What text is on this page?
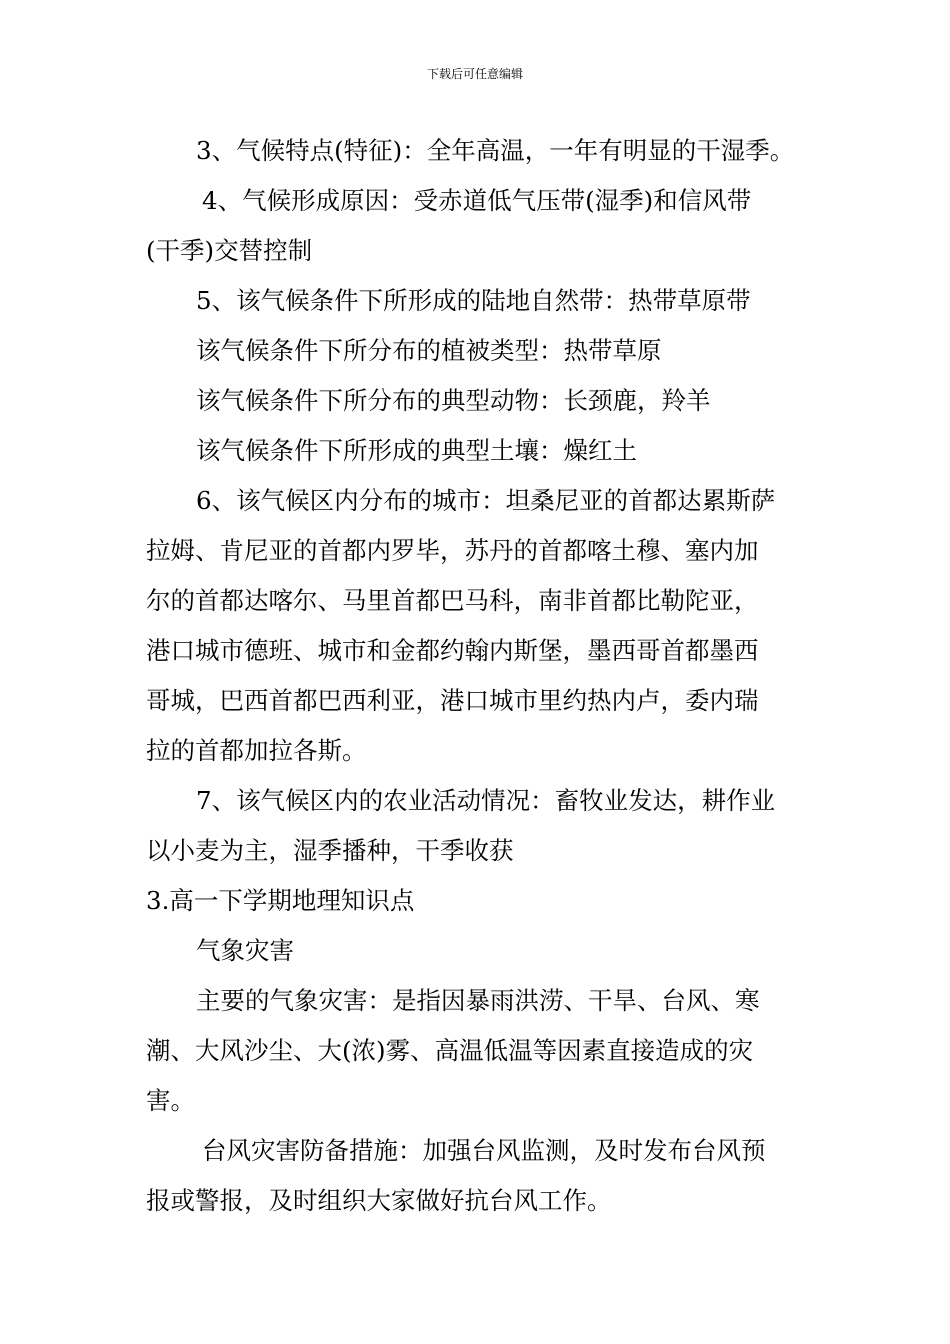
下载后可任意编辑
3、气候特点(特征)：全年高温，一年有明显的干湿季。
4、气候形成原因：受赤道低气压带(湿季)和信风带
(干季)交替控制
5、该气候条件下所形成的陆地自然带：热带草原带
该气候条件下所分布的植被类型：热带草原
该气候条件下所分布的典型动物：长颈鹿，羚羊
该气候条件下所形成的典型土壤：燥红土
6、该气候区内分布的城市：坦桑尼亚的首都达累斯萨
拉姆、肯尼亚的首都内罗毕，苏丹的首都喀土穆、塞内加
尔的首都达喀尔、马里首都巴马科，南非首都比勒陀亚，
港口城市德班、城市和金都约翰内斯堡，墨西哥首都墨西
哥城，巴西首都巴西利亚，港口城市里约热内卢，委内瑞
拉的首都加拉各斯。
7、该气候区内的农业活动情况：畜牧业发达，耕作业
以小麦为主，湿季播种，干季收获
3.高一下学期地理知识点
气象灾害
主要的气象灾害：是指因暴雨洪涝、干旱、台风、寒
潮、大风沙尘、大(浓)雾、高温低温等因素直接造成的灾
害。
台风灾害防备措施：加强台风监测，及时发布台风预
报或警报，及时组织大家做好抗台风工作。
